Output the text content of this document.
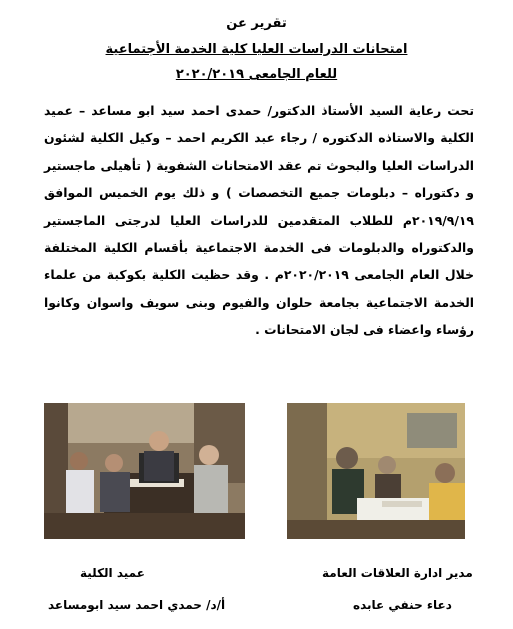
تقرير عن
امتحانات الدراسات العليا كلية الخدمة الأجتماعية
للعام الجامعى ٢٠٢٠/٢٠١٩
تحت رعاية السيد الأستاذ الدكتور/ حمدى احمد سيد ابو مساعد – عميد الكلية والاستاذه الدكتوره / رجاء عبد الكريم احمد – وكيل الكلية لشئون الدراسات العليا والبحوث تم عقد الامتحانات الشفوية ( تأهيلى ماجستير و دكتوراه – دبلومات جميع التخصصات ) و ذلك يوم الخميس الموافق ٢٠١٩/٩/١٩م للطلاب المتقدمين للدراسات العليا لدرجتى الماجستير والدكتوراه والدبلومات فى الخدمة الاجتماعية بأقسام الكلية المختلفة خلال العام الجامعى ٢٠٢٠/٢٠١٩م . وقد حظيت الكلية بكوكبة من علماء الخدمة الاجتماعية بجامعة حلوان والفيوم وبنى سويف واسوان وكانوا رؤساء واعضاء فى لجان الامتحانات .
مدير ادارة العلاقات العامة
دعاء حنفي عابده
عميد الكلية
أ/د/ حمدي احمد سيد ابومساعد
